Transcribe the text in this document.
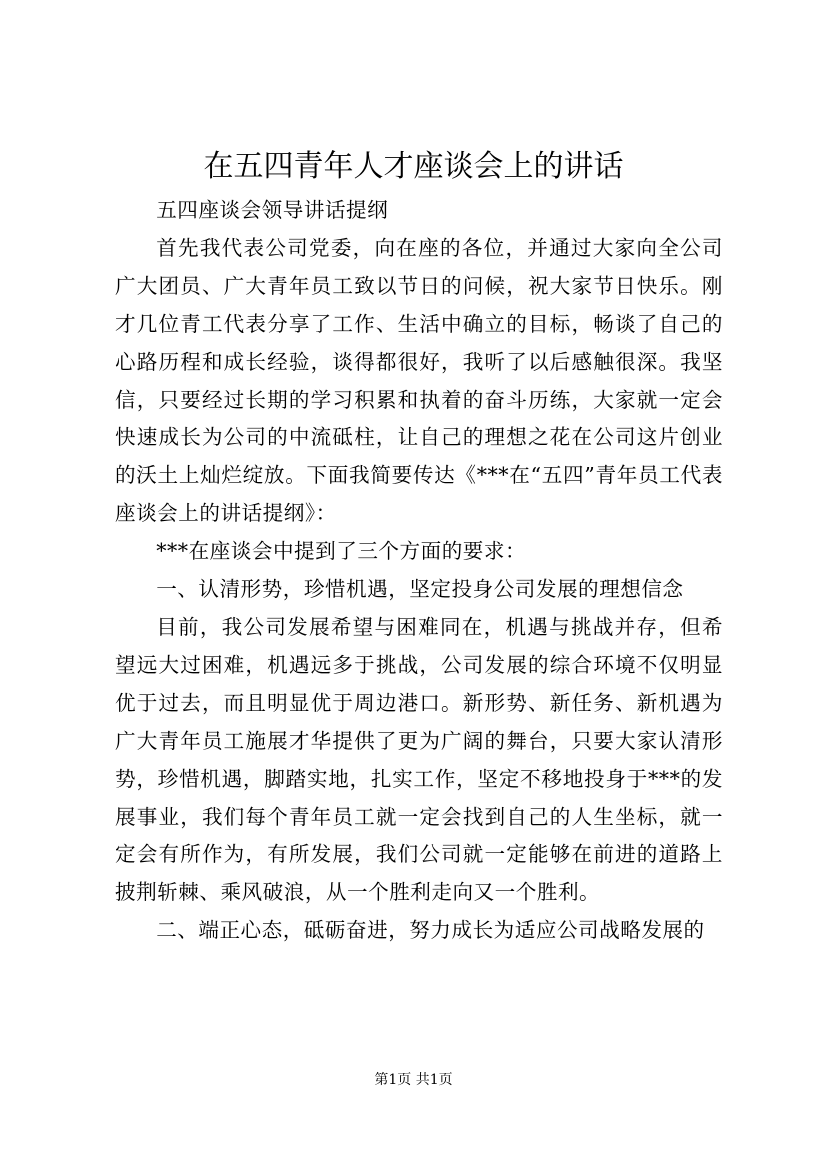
在五四青年人才座谈会上的讲话

五四座谈会领导讲话提纲

首先我代表公司党委，向在座的各位，并通过大家向全公司广大团员、广大青年员工致以节日的问候，祝大家节日快乐。刚才几位青工代表分享了工作、生活中确立的目标，畅谈了自己的心路历程和成长经验，谈得都很好，我听了以后感触很深。我坚信，只要经过长期的学习积累和执着的奋斗历练，大家就一定会快速成长为公司的中流砥柱，让自己的理想之花在公司这片创业的沃土上灿烂绽放。下面我简要传达《***在“五四”青年员工代表座谈会上的讲话提纲》：

***在座谈会中提到了三个方面的要求：

一、认清形势，珍惜机遇，坚定投身公司发展的理想信念

目前，我公司发展希望与困难同在，机遇与挑战并存，但希望远大过困难，机遇远多于挑战，公司发展的综合环境不仅明显优于过去，而且明显优于周边港口。新形势、新任务、新机遇为广大青年员工施展才华提供了更为广阔的舞台，只要大家认清形势，珍惜机遇，脚踏实地，扎实工作，坚定不移地投身于***的发展事业，我们每个青年员工就一定会找到自己的人生坐标，就一定会有所作为，有所发展，我们公司就一定能够在前进的道路上披荆斩棘、乘风破浪，从一个胜利走向又一个胜利。

二、端正心态，砥砺奋进，努力成长为适应公司战略发展的

第1页 共1页
